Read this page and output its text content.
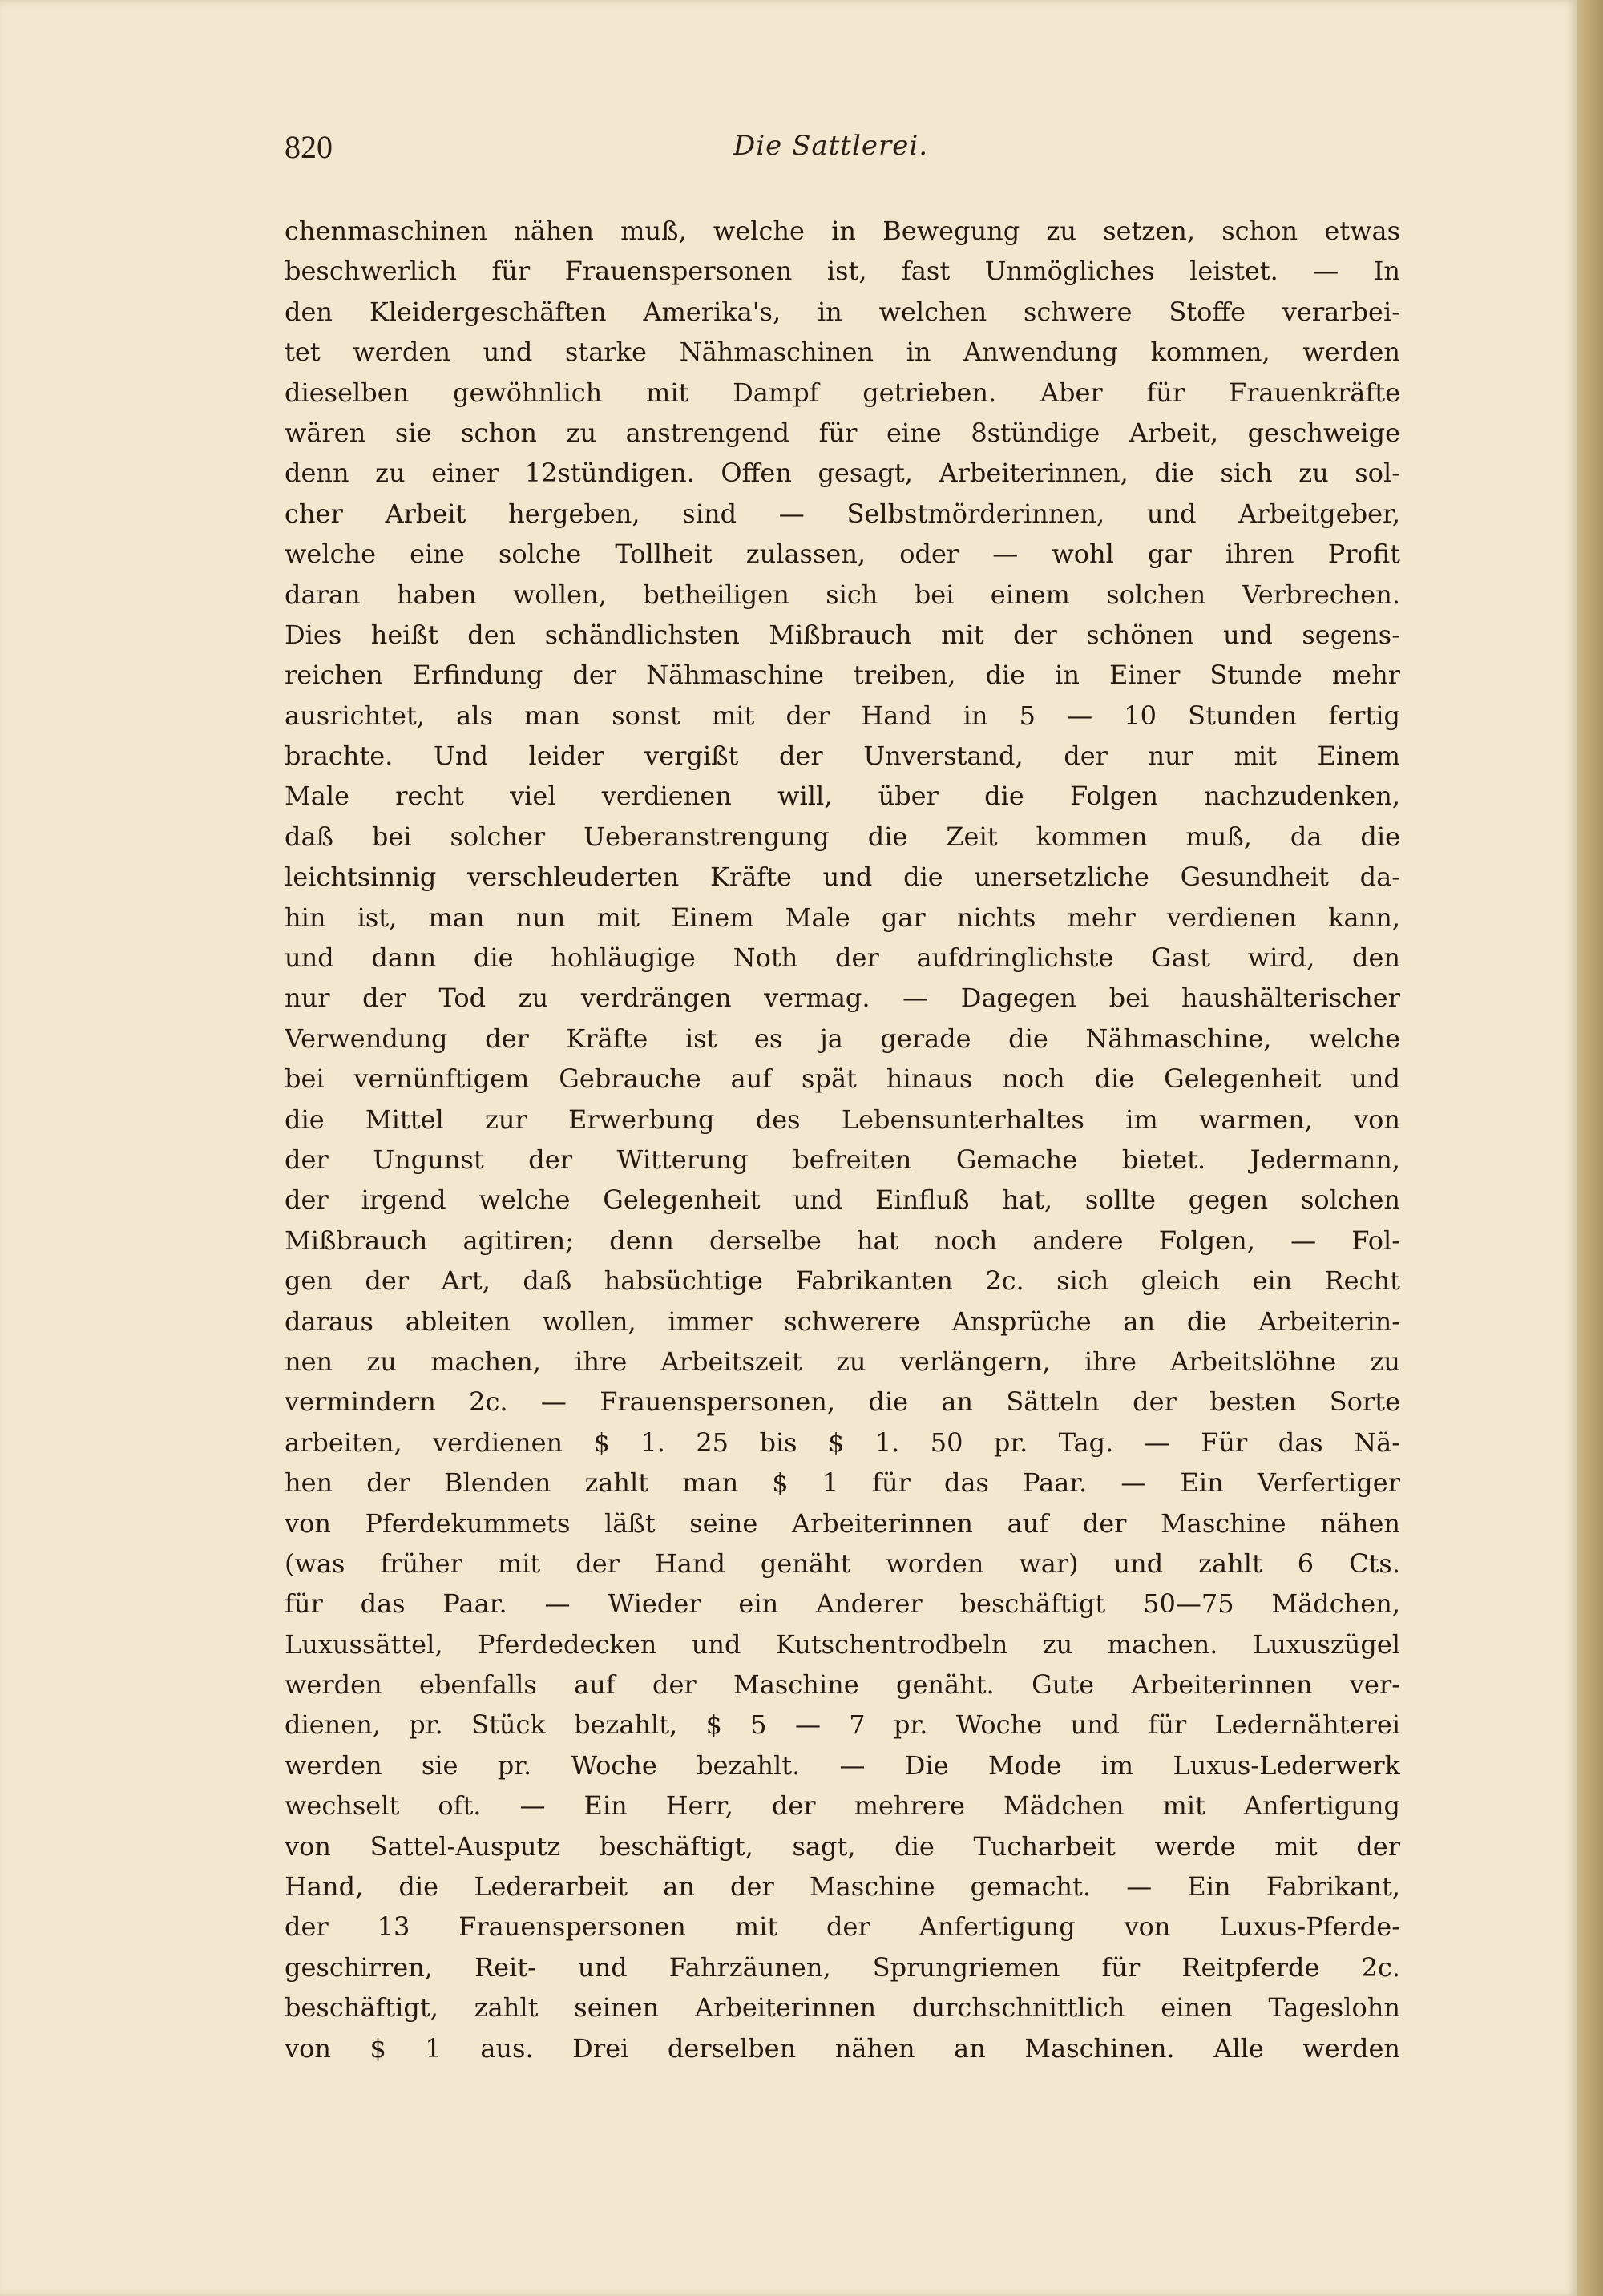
820	Die Sattlerei.
chenmaschinen nähen muß, welche in Bewegung zu setzen, schon etwas
beschwerlich für Frauenspersonen ist, fast Unmögliches leistet. — In
den Kleidergeschäften Amerika's, in welchen schwere Stoffe verarbei-
tet werden und starke Nähmaschinen in Anwendung kommen, werden
dieselben gewöhnlich mit Dampf getrieben. Aber für Frauenkräfte
wären sie schon zu anstrengend für eine 8stündige Arbeit, geschweige
denn zu einer 12stündigen. Offen gesagt, Arbeiterinnen, die sich zu sol-
cher Arbeit hergeben, sind — Selbstmörderinnen, und Arbeitgeber,
welche eine solche Tollheit zulassen, oder — wohl gar ihren Profit
daran haben wollen, betheiligen sich bei einem solchen Verbrechen.
Dies heißt den schändlichsten Mißbrauch mit der schönen und segens-
reichen Erfindung der Nähmaschine treiben, die in Einer Stunde mehr
ausrichtet, als man sonst mit der Hand in 5 — 10 Stunden fertig
brachte. Und leider vergißt der Unverstand, der nur mit Einem
Male recht viel verdienen will, über die Folgen nachzudenken,
daß bei solcher Ueberanstrengung die Zeit kommen muß, da die
leichtsinnig verschleuderten Kräfte und die unersetzliche Gesundheit da-
hin ist, man nun mit Einem Male gar nichts mehr verdienen kann,
und dann die hohläugige Noth der aufdringlichste Gast wird, den
nur der Tod zu verdrängen vermag. — Dagegen bei haushälterischer
Verwendung der Kräfte ist es ja gerade die Nähmaschine, welche
bei vernünftigem Gebrauche auf spät hinaus noch die Gelegenheit und
die Mittel zur Erwerbung des Lebensunterhaltes im warmen, von
der Ungunst der Witterung befreiten Gemache bietet. Jedermann,
der irgend welche Gelegenheit und Einfluß hat, sollte gegen solchen
Mißbrauch agitiren; denn derselbe hat noch andere Folgen, — Fol-
gen der Art, daß habsüchtige Fabrikanten 2c. sich gleich ein Recht
daraus ableiten wollen, immer schwerere Ansprüche an die Arbeiterin-
nen zu machen, ihre Arbeitszeit zu verlängern, ihre Arbeitslöhne zu
vermindern 2c. — Frauenspersonen, die an Sätteln der besten Sorte
arbeiten, verdienen $ 1. 25 bis $ 1. 50 pr. Tag. — Für das Nä-
hen der Blenden zahlt man $ 1 für das Paar. — Ein Verfertiger
von Pferdekummets läßt seine Arbeiterinnen auf der Maschine nähen
(was früher mit der Hand genäht worden war) und zahlt 6 Cts.
für das Paar. — Wieder ein Anderer beschäftigt 50—75 Mädchen,
Luxussättel, Pferdedecken und Kutschentrodbeln zu machen. Luxuszügel
werden ebenfalls auf der Maschine genäht. Gute Arbeiterinnen ver-
dienen, pr. Stück bezahlt, $ 5 — 7 pr. Woche und für Ledernähterei
werden sie pr. Woche bezahlt. — Die Mode im Luxus-Lederwerk
wechselt oft. — Ein Herr, der mehrere Mädchen mit Anfertigung
von Sattel-Ausputz beschäftigt, sagt, die Tucharbeit werde mit der
Hand, die Lederarbeit an der Maschine gemacht. — Ein Fabrikant,
der 13 Frauenspersonen mit der Anfertigung von Luxus-Pferde-
geschirren, Reit- und Fahrzäunen, Sprungriemen für Reitpferde 2c.
beschäftigt, zahlt seinen Arbeiterinnen durchschnittlich einen Tageslohn
von $ 1 aus. Drei derselben nähen an Maschinen. Alle werden
